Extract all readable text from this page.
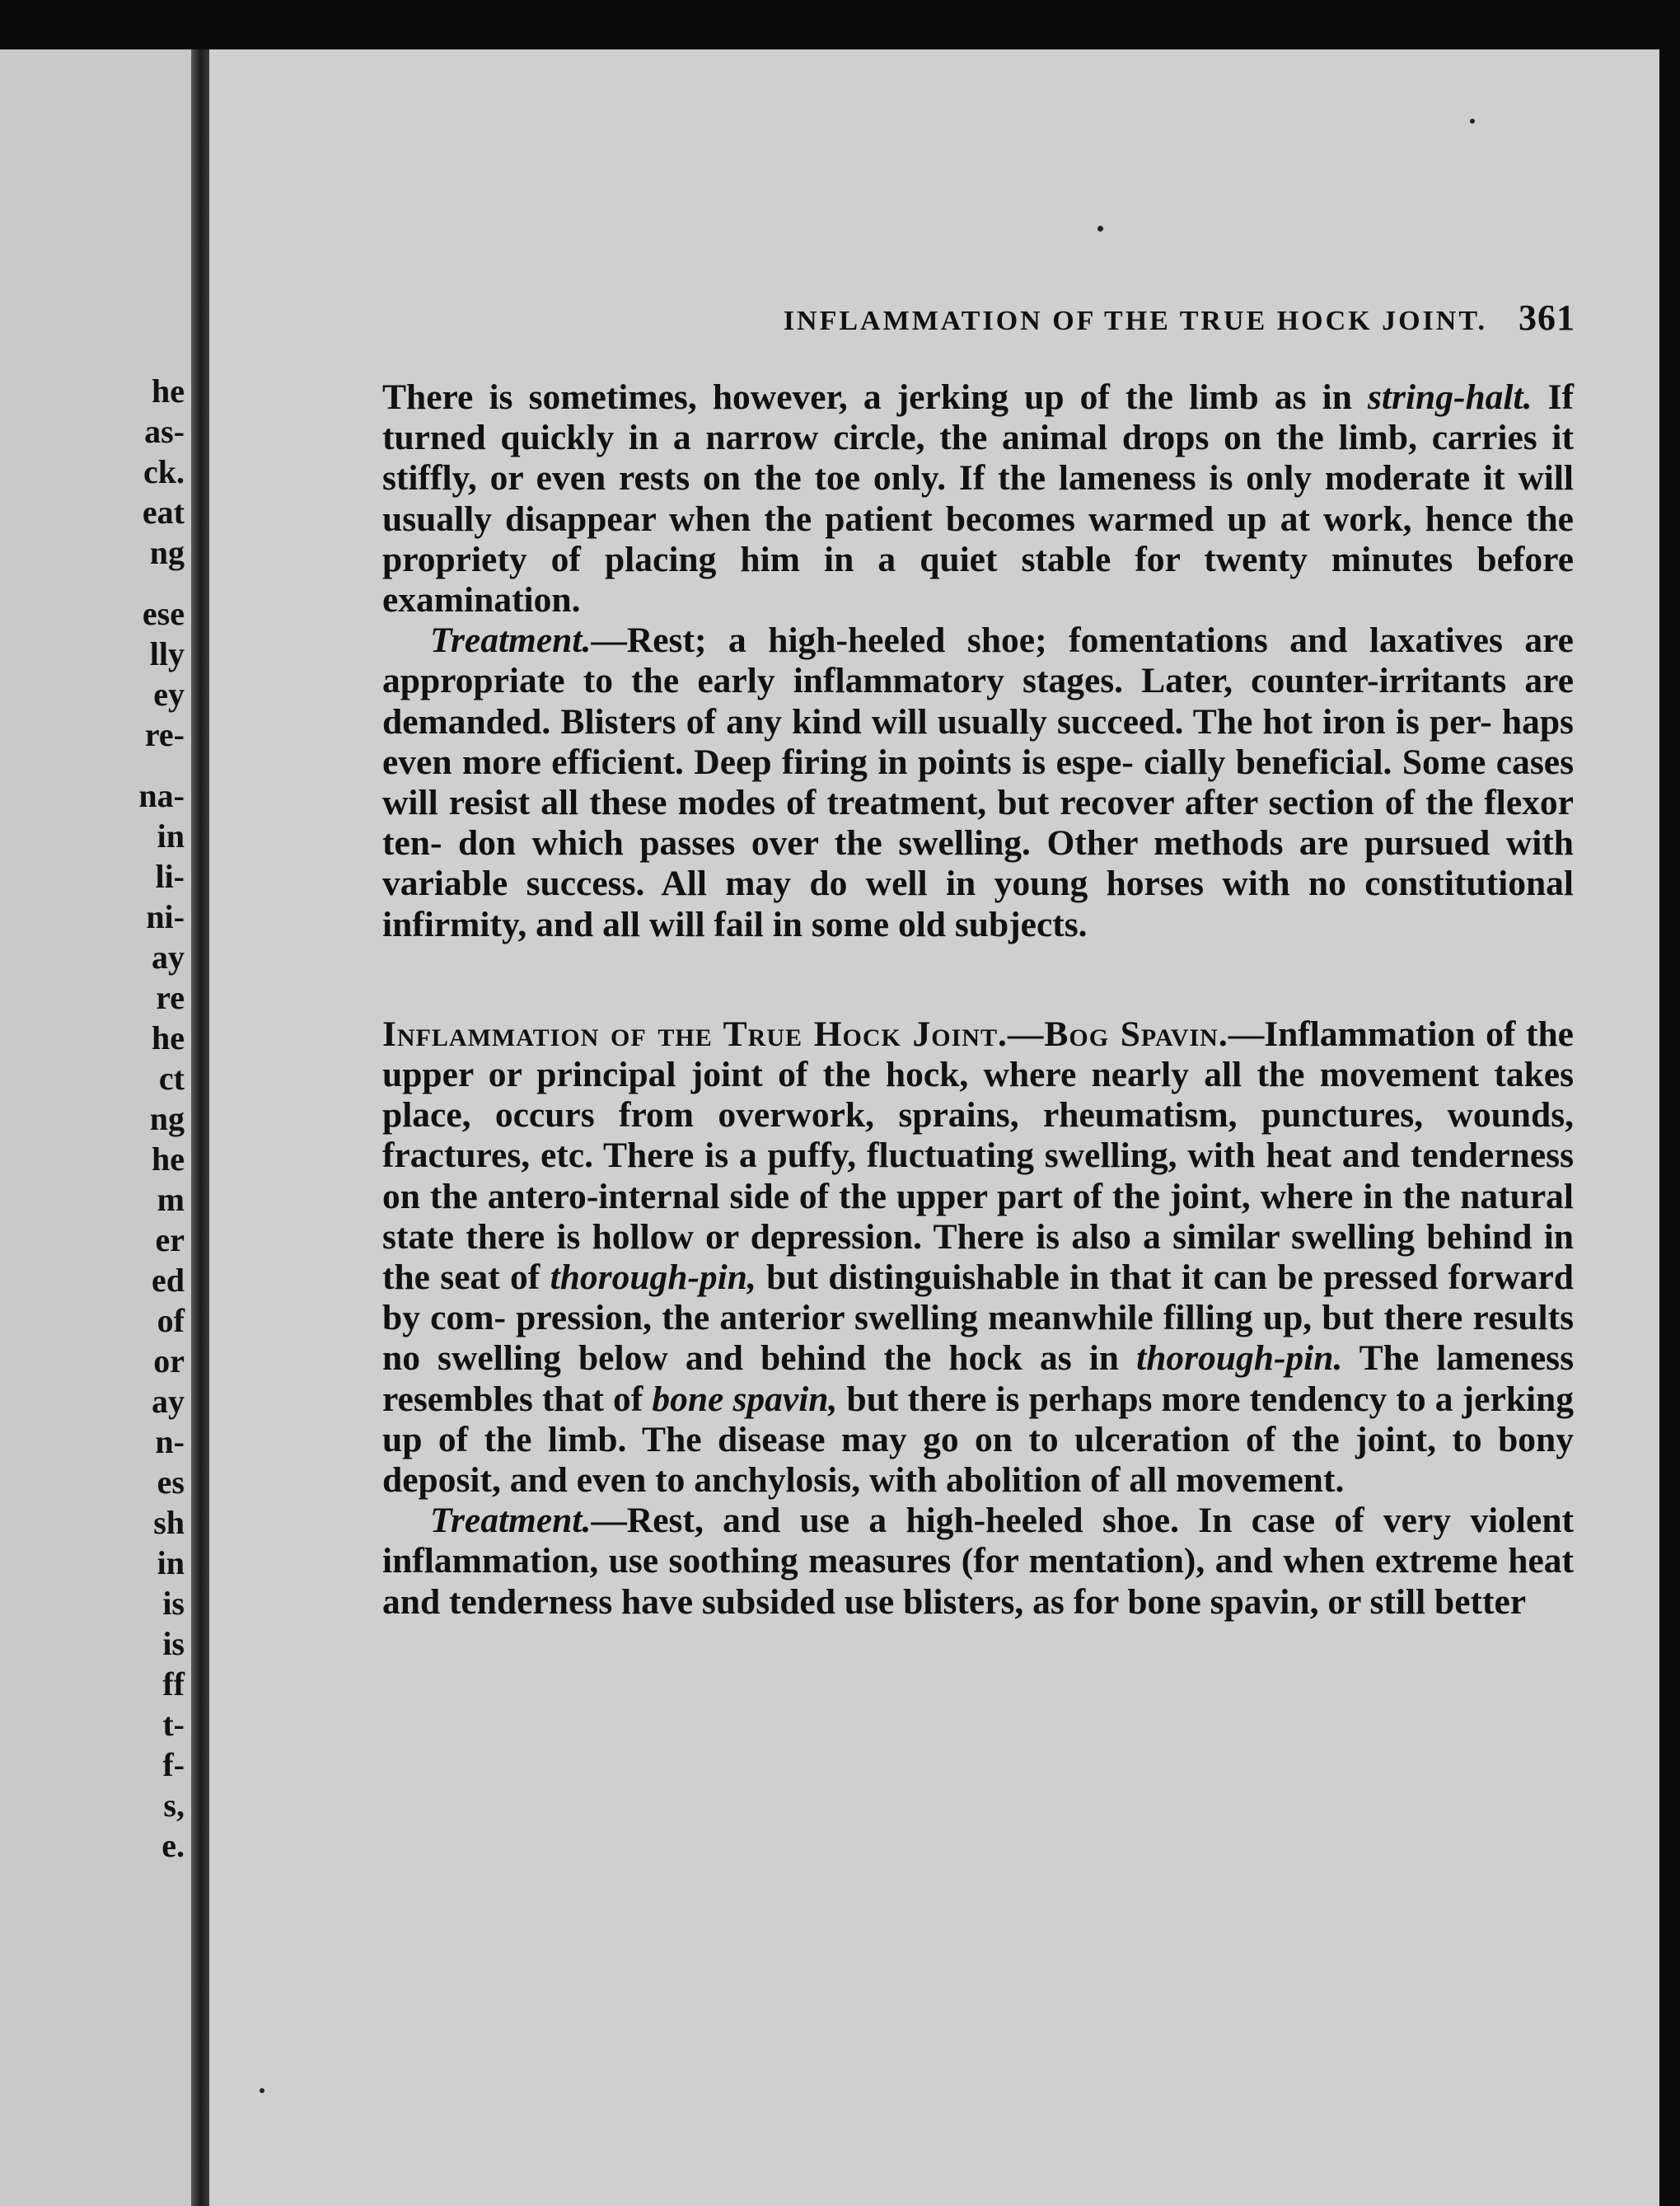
he
as-
ck.
eat
ng
ese
lly
ey
re-
na-
in
li-
ni-
ay
re
he
ct
ng
he
m
er
ed
of
or
ay
n-
es
sh
in
is
is
ff
t-
f-
s,
e.
INFLAMMATION OF THE TRUE HOCK JOINT. 361

There is sometimes, however, a jerking up of the limb as in string-halt. If turned quickly in a narrow circle, the animal drops on the limb, carries it stiffly, or even rests on the toe only. If the lameness is only moderate it will usually disappear when the patient becomes warmed up at work, hence the propriety of placing him in a quiet stable for twenty minutes before examination.

Treatment.—Rest; a high-heeled shoe; fomentations and laxatives are appropriate to the early inflammatory stages. Later, counter-irritants are demanded. Blisters of any kind will usually succeed. The hot iron is per- haps even more efficient. Deep firing in points is espe- cially beneficial. Some cases will resist all these modes of treatment, but recover after section of the flexor ten- don which passes over the swelling. Other methods are pursued with variable success. All may do well in young horses with no constitutional infirmity, and all will fail in some old subjects.

Inflammation of the True Hock Joint.—Bog Spavin.—Inflammation of the upper or principal joint of the hock, where nearly all the movement takes place, occurs from overwork, sprains, rheumatism, punctures, wounds, fractures, etc. There is a puffy, fluctuating swelling, with heat and tenderness on the antero-internal side of the upper part of the joint, where in the natural state there is hollow or depression. There is also a similar swelling behind in the seat of thorough-pin, but distinguishable in that it can be pressed forward by com- pression, the anterior swelling meanwhile filling up, but there results no swelling below and behind the hock as in thorough-pin. The lameness resembles that of bone spavin, but there is perhaps more tendency to a jerking up of the limb. The disease may go on to ulceration of the joint, to bony deposit, and even to anchylosis, with abolition of all movement.

Treatment.—Rest, and use a high-heeled shoe. In case of very violent inflammation, use soothing measures (for mentation), and when extreme heat and tenderness have subsided use blisters, as for bone spavin, or still better
